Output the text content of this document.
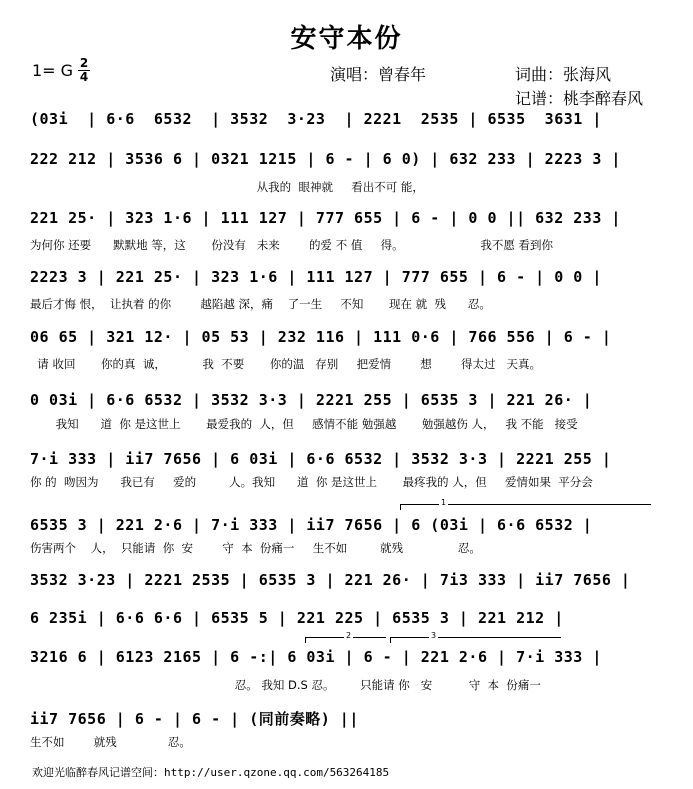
安守本份
1= G 2
4	演唱：曾春年	词曲：张海风
记谱：桃李醉春风
(03i  | 6·6  6532  | 3532  3·23  | 2221  2535 | 6535  3631 |
222 212 | 3536 6 | 0321 1215 | 6 - | 6 0) | 632 233 | 2223 3 |
从我的  眼神就     看出不可 能，
221 25· | 323 1·6 | 111 127 | 777 655 | 6 - | 0 0 || 632 233 |
为何你 还要      默默地 等，这       份没有   未来        的爱 不 值     得。                     我不愿 看到你
2223 3 | 221 25· | 323 1·6 | 111 127 | 777 655 | 6 - | 0 0 |
最后才悔 恨，  让执着 的你        越陷越 深，痛    了一生     不知       现在 就  残      忍。
06 65 | 321 12· | 05 53 | 232 116 | 111 0·6 | 766 556 | 6 - |
请 收回       你的真  诚，          我  不要       你的温   存别     把爱情        想        得太过   天真。
0 03i | 6·6 6532 | 3532 3·3 | 2221 255 | 6535 3 | 221 26· |
我知      道  你 是这世上       最爱我的  人，但     感情不能 勉强越       勉强越伤 人，   我 不能   接受
7·i 333 | ii7 7656 | 6 03i | 6·6 6532 | 3532 3·3 | 2221 255 |
你 的  吻因为      我已有     爱的         人。我知      道  你 是这世上       最疼我的 人，但     爱情如果  平分会
1
6535 3 | 221 2·6 | 7·i 333 | ii7 7656 | 6 (03i | 6·6 6532 |
伤害两个    人，  只能请  你  安        守  本  份痛一     生不如         就残               忍。
3532 3·23 | 2221 2535 | 6535 3 | 221 26· | 7i3 333 | ii7 7656 |
6 235i | 6·6 6·6 | 6535 5 | 221 225 | 6535 3 | 221 212 |
2	3
3216 6 | 6123 2165 | 6 -:| 6 03i | 6 - | 221 2·6 | 7·i 333 |
忍。 我知 D.S 忍。       只能请 你   安          守  本  份痛一
ii7 7656 | 6 - | 6 - | (同前奏略) ||
生不如        就残              忍。
欢迎光临醉春风记谱空间：http://user.qzone.qq.com/563264185
